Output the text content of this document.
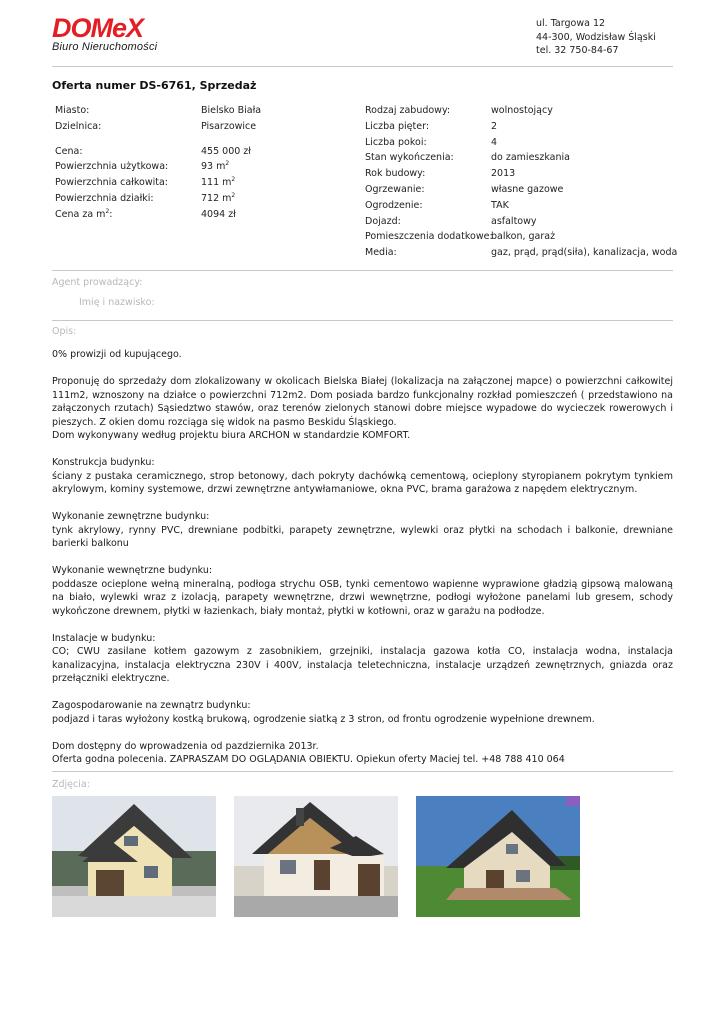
DOMeX
Biuro Nieruchomości
ul. Targowa 12
44-300, Wodzisław Śląski
tel. 32 750-84-67
Oferta numer DS-6761, Sprzedaż
Miasto:	Bielsko Biała
Dzielnica:	Pisarzowice
Cena:	455 000 zł
Powierzchnia użytkowa:	93 $m^2$
Powierzchnia całkowita:	111 $m^2$
Powierzchnia działki:	712 $m^2$
Cena za $m^2$:	4094 zł
Rodzaj zabudowy:	wolnostojący
Liczba pięter:	2
Liczba pokoi:	4
Stan wykończenia:	do zamieszkania
Rok budowy:	2013
Ogrzewanie:	własne gazowe
Ogrodzenie:	TAK
Dojazd:	asfaltowy
Pomieszczenia dodatkowe:
balkon, garaż
Media:	gaz, prąd, prąd(siła), kanalizacja, woda
Agent prowadzący:
Imię i nazwisko:
Opis:

0% prowizji od kupującego.

Proponuję do sprzedaży dom zlokalizowany w okolicach Bielska Białej (lokalizacja na załączonej mapce) o powierzchni całkowitej 111m2, wznoszony na działce o powierzchni 712m2. Dom posiada bardzo funkcjonalny rozkład pomieszczeń ( przedstawiono na załączonych rzutach) Sąsiedztwo stawów, oraz terenów zielonych stanowi dobre miejsce wypadowe do wycieczek rowerowych i pieszych. Z okien domu rozciąga się widok na pasmo Beskidu Śląskiego.
Dom wykonywany według projektu biura ARCHON w standardzie KOMFORT.

Konstrukcja budynku:
ściany z pustaka ceramicznego, strop betonowy, dach pokryty dachówką cementową, ocieplony styropianem pokrytym tynkiem akrylowym, kominy systemowe, drzwi zewnętrzne antywłamaniowe, okna PVC, brama garażowa z napędem elektrycznym.

Wykonanie zewnętrzne budynku:
tynk akrylowy, rynny PVC, drewniane podbitki, parapety zewnętrzne, wylewki oraz płytki na schodach i balkonie, drewniane barierki balkonu

Wykonanie wewnętrzne budynku:
poddasze ocieplone wełną mineralną, podłoga strychu OSB, tynki cementowo wapienne wyprawione gładzią gipsową malowaną na biało, wylewki wraz z izolacją, parapety wewnętrzne, drzwi wewnętrzne, podłogi wyłożone panelami lub gresem, schody wykończone drewnem, płytki w łazienkach, biały montaż, płytki w kotłowni, oraz w garażu na podłodze.

Instalacje w budynku:
CO; CWU zasilane kotłem gazowym z zasobnikiem, grzejniki, instalacja gazowa kotła CO, instalacja wodna, instalacja kanalizacyjna, instalacja elektryczna 230V i 400V, instalacja teletechniczna, instalacje urządzeń zewnętrznych, gniazda oraz przełączniki elektryczne.

Zagospodarowanie na zewnątrz budynku:
podjazd i taras wyłożony kostką brukową, ogrodzenie siatką z 3 stron, od frontu ogrodzenie wypełnione drewnem.

Dom dostępny do wprowadzenia od pazdziernika 2013r.
Oferta godna polecenia. ZAPRASZAM DO OGLĄDANIA OBIEKTU. Opiekun oferty Maciej tel. +48 788 410 064

Zdjęcia:
